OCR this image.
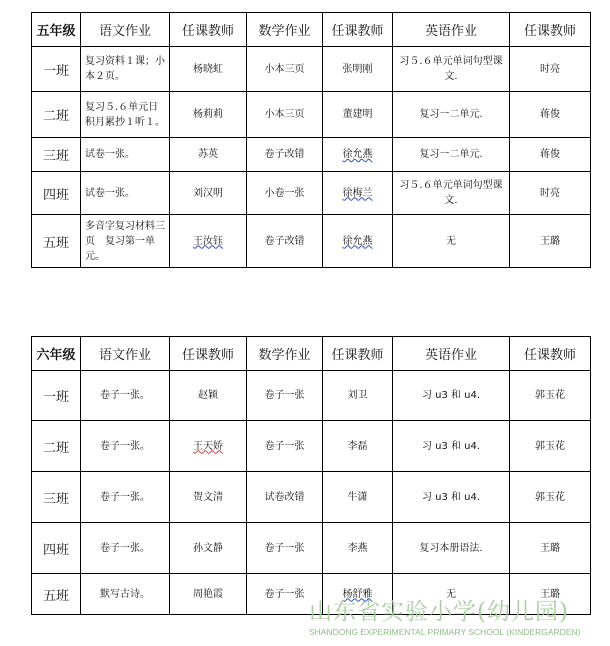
五年级	语文作业	任课教师	数学作业	任课教师	英语作业	任课教师
一班	复习资料１课；小本２页。	杨晓虹	小本三页	张明刚	习５.６单元单词句型课文.	时亮
二班	复习５.６单元日积月累抄１听１。	杨莉莉	小本三页	董建明	复习一二单元.	蒋俊
三班	试卷一张。	苏英	卷子改错	徐允燕	复习一二单元.	蒋俊
四班	试卷一张。	刘汉明	小卷一张	徐梅兰	习５.６单元单词句型课文.	时亮
五班	多音字复习材料三页　复习第一单元。	王汝钰	卷子改错	徐允燕	无	王璐
六年级	语文作业	任课教师	数学作业	任课教师	英语作业	任课教师
一班	卷子一张。	赵颖	卷子一张	刘卫	习 u3 和 u4.	郭玉花
二班	卷子一张。	王天娇	卷子一张	李磊	习 u3 和 u4.	郭玉花
三班	卷子一张。	贺文清	试卷改错	牛潇	习 u3 和 u4.	郭玉花
四班	卷子一张。	孙文静	卷子一张	李燕	复习本册语法.	王璐
五班	默写古诗。	周艳霞	卷子一张	杨舒雅	无	王璐
山东省实验小学(幼儿园)
SHANDONG EXPERIMENTAL PRIMARY SCHOOL (KINDERGARDEN)
